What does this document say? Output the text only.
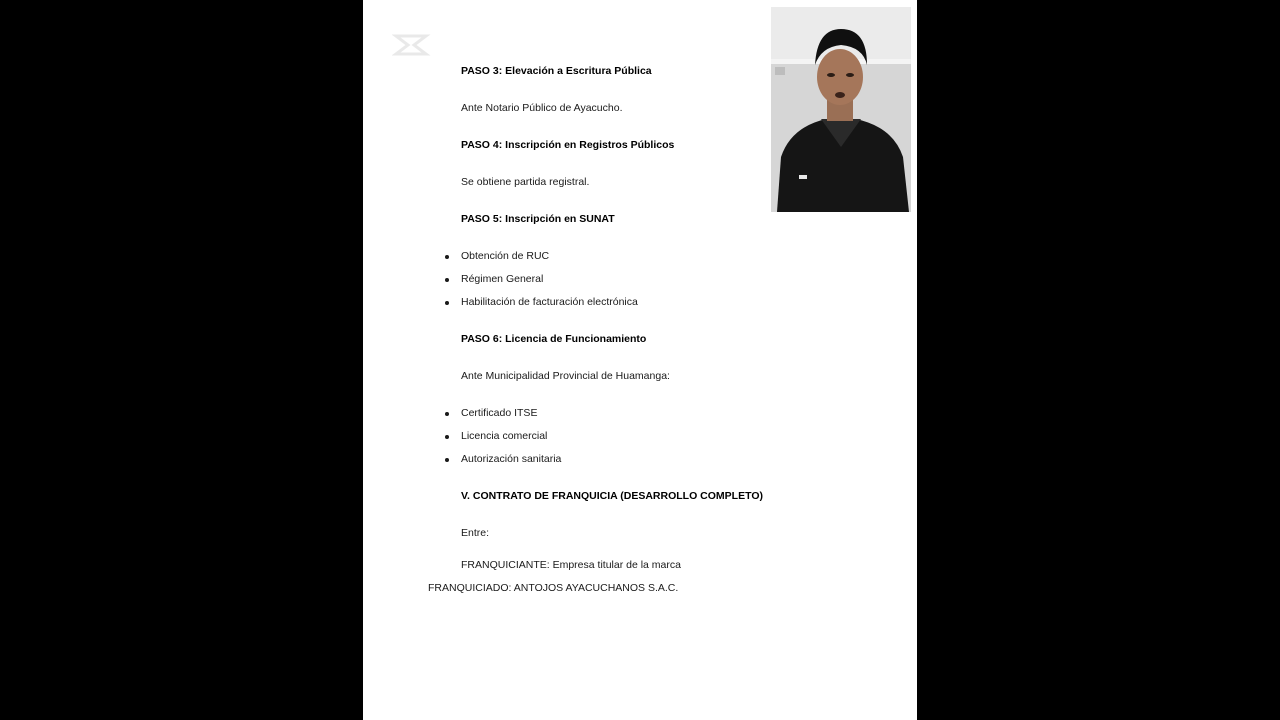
PASO 3: Elevación a Escritura Pública
Ante Notario Público de Ayacucho.
PASO 4: Inscripción en Registros Públicos
Se obtiene partida registral.
PASO 5: Inscripción en SUNAT
Obtención de RUC
Régimen General
Habilitación de facturación electrónica
PASO 6: Licencia de Funcionamiento
Ante Municipalidad Provincial de Huamanga:
Certificado ITSE
Licencia comercial
Autorización sanitaria
V. CONTRATO DE FRANQUICIA (DESARROLLO COMPLETO)
Entre:
FRANQUICIANTE: Empresa titular de la marca
FRANQUICIADO: ANTOJOS AYACUCHANOS S.A.C.
